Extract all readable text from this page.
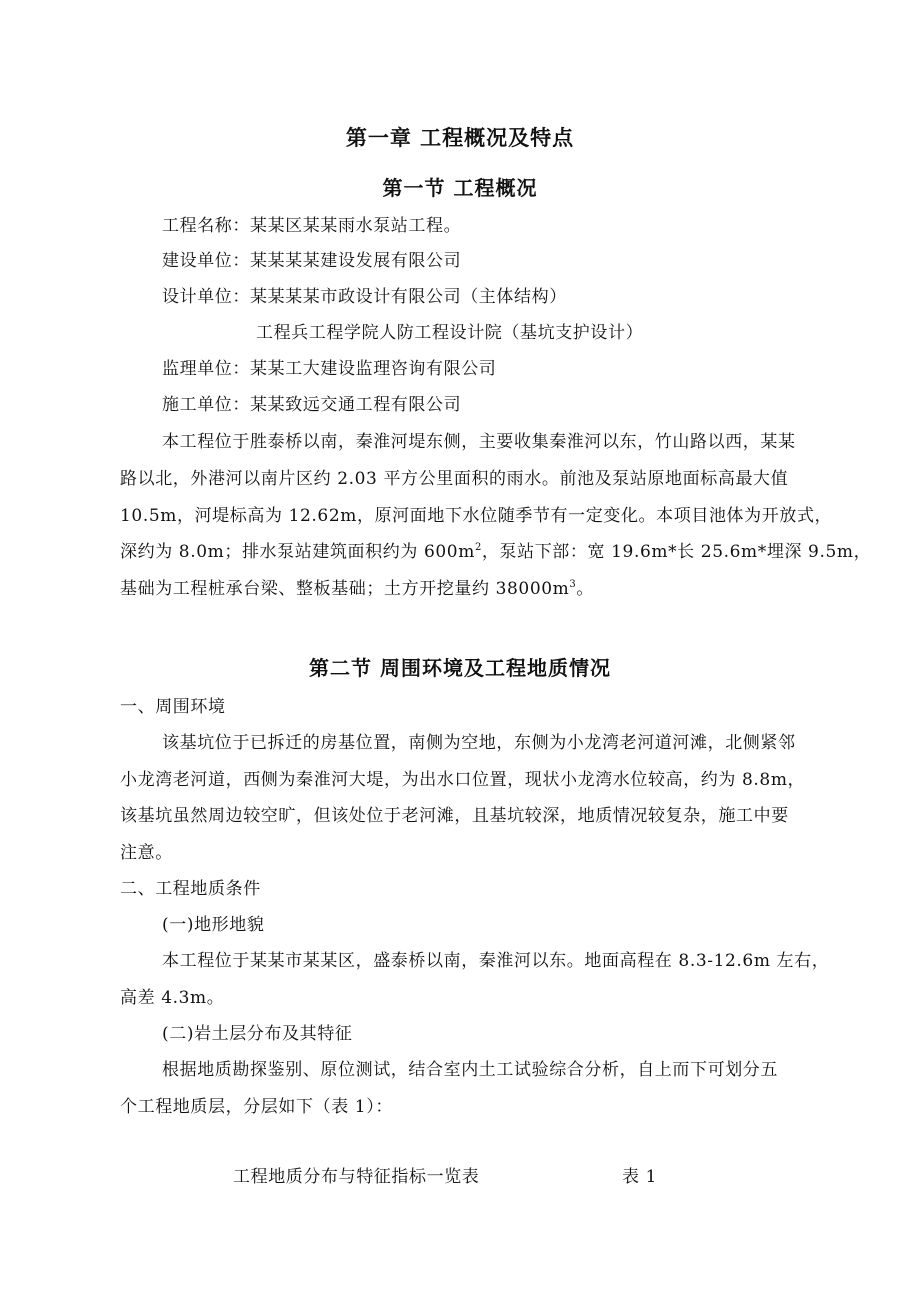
第一章 工程概况及特点
第一节 工程概况
工程名称：某某区某某雨水泵站工程。
建设单位：某某某某建设发展有限公司
设计单位：某某某某市政设计有限公司（主体结构）
工程兵工程学院人防工程设计院（基坑支护设计）
监理单位：某某工大建设监理咨询有限公司
施工单位：某某致远交通工程有限公司
本工程位于胜泰桥以南，秦淮河堤东侧，主要收集秦淮河以东，竹山路以西，某某
路以北，外港河以南片区约 2.03 平方公里面积的雨水。前池及泵站原地面标高最大值
10.5m，河堤标高为 12.62m，原河面地下水位随季节有一定变化。本项目池体为开放式，
深约为 8.0m；排水泵站建筑面积约为 $600m^2$，泵站下部：宽 19.6m*长 25.6m*埋深 9.5m，
基础为工程桩承台梁、整板基础；土方开挖量约 $38000m^3$。
第二节 周围环境及工程地质情况
一、周围环境
该基坑位于已拆迁的房基位置，南侧为空地，东侧为小龙湾老河道河滩，北侧紧邻
小龙湾老河道，西侧为秦淮河大堤，为出水口位置，现状小龙湾水位较高，约为 8.8m，
该基坑虽然周边较空旷，但该处位于老河滩，且基坑较深，地质情况较复杂，施工中要
注意。
二、工程地质条件
(一)地形地貌
本工程位于某某市某某区，盛泰桥以南，秦淮河以东。地面高程在 8.3-12.6m 左右，
高差 4.3m。
(二)岩土层分布及其特征
根据地质勘探鉴别、原位测试，结合室内土工试验综合分析，自上而下可划分五
个工程地质层，分层如下（表 1）：
工程地质分布与特征指标一览表	表 1
